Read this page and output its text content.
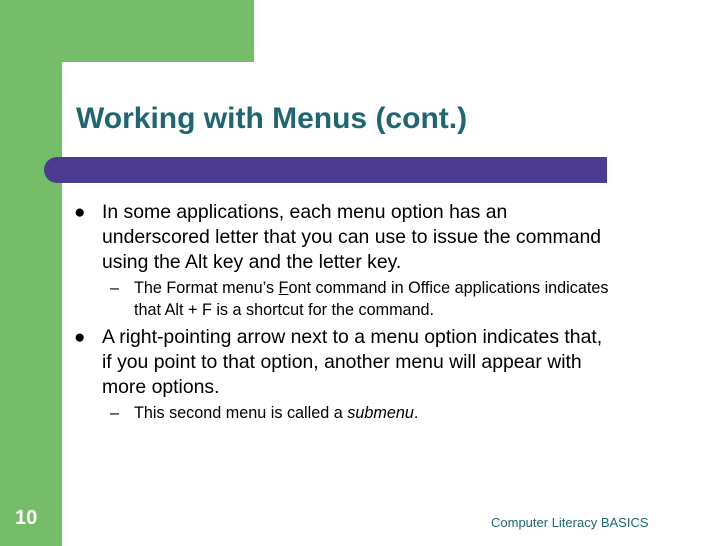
Working with Menus (cont.)
● In some applications, each menu option has an underscored letter that you can use to issue the command using the Alt key and the letter key.
– The Format menu’s Font command in Office applications indicates that Alt + F is a shortcut for the command.
● A right-pointing arrow next to a menu option indicates that, if you point to that option, another menu will appear with more options.
– This second menu is called a submenu.
10	Computer Literacy BASICS
